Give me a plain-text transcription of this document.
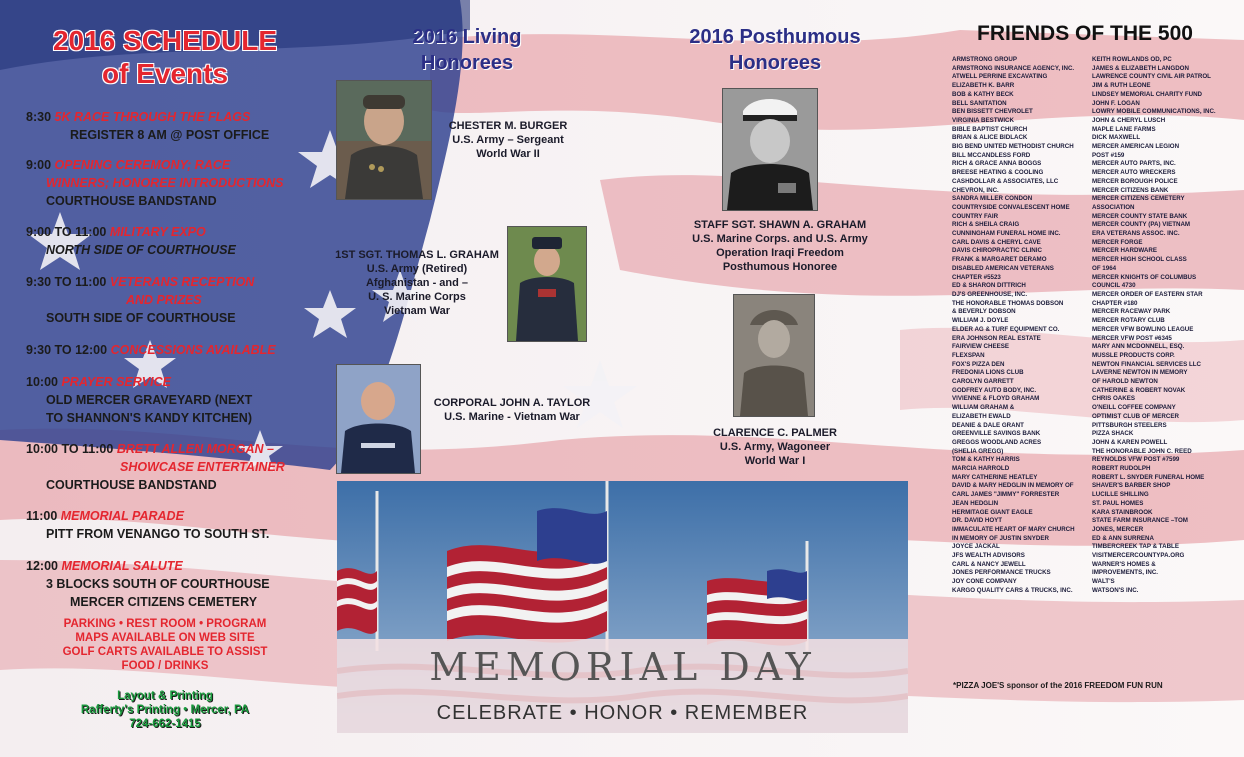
2016 SCHEDULE
of Events
8:30 5K RACE THROUGH THE FLAGS
REGISTER 8 AM @ POST OFFICE
9:00 OPENING CEREMONY; RACE
WINNERS; HONOREE INTRODUCTIONS
COURTHOUSE BANDSTAND
9:00 TO 11:00 MILITARY EXPO
NORTH SIDE OF COURTHOUSE
9:30 TO 11:00 VETERANS RECEPTION
AND PRIZES
SOUTH SIDE OF COURTHOUSE
9:30 TO 12:00 CONCESSIONS AVAILABLE
10:00 PRAYER SERVICE
OLD MERCER GRAVEYARD (NEXT
TO SHANNON'S KANDY KITCHEN)
10:00 TO 11:00 BRETT ALLEN MORGAN –
SHOWCASE ENTERTAINER
COURTHOUSE BANDSTAND
11:00 MEMORIAL PARADE
PITT FROM VENANGO TO SOUTH ST.
12:00 MEMORIAL SALUTE
3 BLOCKS SOUTH OF COURTHOUSE
MERCER CITIZENS CEMETERY
PARKING • REST ROOM • PROGRAM
MAPS AVAILABLE ON WEB SITE
GOLF CARTS AVAILABLE TO ASSIST
FOOD / DRINKS
Layout & Printing
Rafferty's Printing • Mercer, PA
724-662-1415
2016 Living
Honorees
CHESTER M. BURGER
U.S. Army – Sergeant
World War II
1ST SGT. THOMAS L. GRAHAM
U.S. Army (Retired)
Afghanistan - and –
U. S. Marine Corps
Vietnam War
CORPORAL JOHN A. TAYLOR
U.S. Marine - Vietnam War
2016 Posthumous
Honorees
STAFF SGT. SHAWN A. GRAHAM
U.S. Marine Corps. and U.S. Army
Operation Iraqi Freedom
Posthumous Honoree
CLARENCE C. PALMER
U.S. Army, Wagoneer
World War I
MEMORIAL DAY
CELEBRATE • HONOR • REMEMBER
FRIENDS OF THE 500
ARMSTRONG GROUP
ARMSTRONG INSURANCE AGENCY, INC.
ATWELL PERRINE EXCAVATING
ELIZABETH K. BARR
BOB & KATHY BECK
BELL SANITATION
BEN BISSETT CHEVROLET
VIRGINIA BESTWICK
BIBLE BAPTIST CHURCH
BRIAN & ALICE BIDLACK
BIG BEND UNITED METHODIST CHURCH
BILL MCCANDLESS FORD
RICH & GRACE ANNA BOGGS
BREESE HEATING & COOLING
CASHDOLLAR & ASSOCIATES, LLC
CHEVRON, INC.
SANDRA MILLER CONDON
COUNTRYSIDE CONVALESCENT HOME
COUNTRY FAIR
RICH & SHEILA CRAIG
CUNNINGHAM FUNERAL HOME INC.
CARL DAVIS & CHERYL CAVE
DAVIS CHIROPRACTIC CLINIC
FRANK & MARGARET DERAMO
DISABLED AMERICAN VETERANS
CHAPTER #5523
ED & SHARON DITTRICH
DJ'S GREENHOUSE, INC.
THE HONORABLE THOMAS DOBSON
& BEVERLY DOBSON
WILLIAM J. DOYLE
ELDER AG & TURF EQUIPMENT CO.
ERA JOHNSON REAL ESTATE
FAIRVIEW CHEESE
FLEXSPAN
FOX'S PIZZA DEN
FREDONIA LIONS CLUB
CAROLYN GARRETT
GODFREY AUTO BODY, INC.
VIVIENNE & FLOYD GRAHAM
WILLIAM GRAHAM &
ELIZABETH EWALD
DEANIE & DALE GRANT
GREENVILLE SAVINGS BANK
GREGGS WOODLAND ACRES
(SHELIA GREGG)
TOM & KATHY HARRIS
MARCIA HARROLD
MARY CATHERINE HEATLEY
DAVID & MARY HEDGLIN IN MEMORY OF
CARL JAMES "JIMMY" FORRESTER
JEAN HEDGLIN
HERMITAGE GIANT EAGLE
DR. DAVID HOYT
IMMACULATE HEART OF MARY CHURCH
IN MEMORY OF JUSTIN SNYDER
JOYCE JACKAL
JFS WEALTH ADVISORS
CARL & NANCY JEWELL
JONES PERFORMANCE TRUCKS
JOY CONE COMPANY
KARGO QUALITY CARS & TRUCKS, INC.
KEITH ROWLANDS OD, PC
JAMES & ELIZABETH LANGDON
LAWRENCE COUNTY CIVIL AIR PATROL
JIM & RUTH LEONE
LINDSEY MEMORIAL CHARITY FUND
JOHN F. LOGAN
LOWRY MOBILE COMMUNICATIONS, INC.
JOHN & CHERYL LUSCH
MAPLE LANE FARMS
DICK MAXWELL
MERCER AMERICAN LEGION
POST #159
MERCER AUTO PARTS, INC.
MERCER AUTO WRECKERS
MERCER BOROUGH POLICE
MERCER CITIZENS BANK
MERCER CITIZENS CEMETERY
ASSOCIATION
MERCER COUNTY STATE BANK
MERCER COUNTY (PA) VIETNAM
ERA VETERANS ASSOC. INC.
MERCER FORGE
MERCER HARDWARE
MERCER HIGH SCHOOL CLASS
OF 1964
MERCER KNIGHTS OF COLUMBUS
COUNCIL 4730
MERCER ORDER OF EASTERN STAR
CHAPTER #180
MERCER RACEWAY PARK
MERCER ROTARY CLUB
MERCER VFW BOWLING LEAGUE
MERCER VFW POST #6345
MARY ANN MCDONNELL, ESQ.
MUSSLE PRODUCTS CORP.
NEWTON FINANCIAL SERVICES LLC
LAVERNE NEWTON IN MEMORY
OF HAROLD NEWTON
CATHERINE & ROBERT NOVAK
CHRIS OAKES
O'NEILL COFFEE COMPANY
OPTIMIST CLUB OF MERCER
PITTSBURGH STEELERS
PIZZA SHACK
JOHN & KAREN POWELL
THE HONORABLE JOHN C. REED
REYNOLDS VFW POST #7599
ROBERT RUDOLPH
ROBERT L. SNYDER FUNERAL HOME
SHAVER'S BARBER SHOP
LUCILLE SHILLING
ST. PAUL HOMES
KARA STAINBROOK
STATE FARM INSURANCE –TOM
JONES, MERCER
ED & ANN SURRENA
TIMBERCREEK TAP & TABLE
VISITMERCERCOUNTYPA.ORG
WARNER'S HOMES &
IMPROVEMENTS, INC.
WALT'S
WATSON'S INC.
*PIZZA JOE'S sponsor of the 2016 FREEDOM FUN RUN
